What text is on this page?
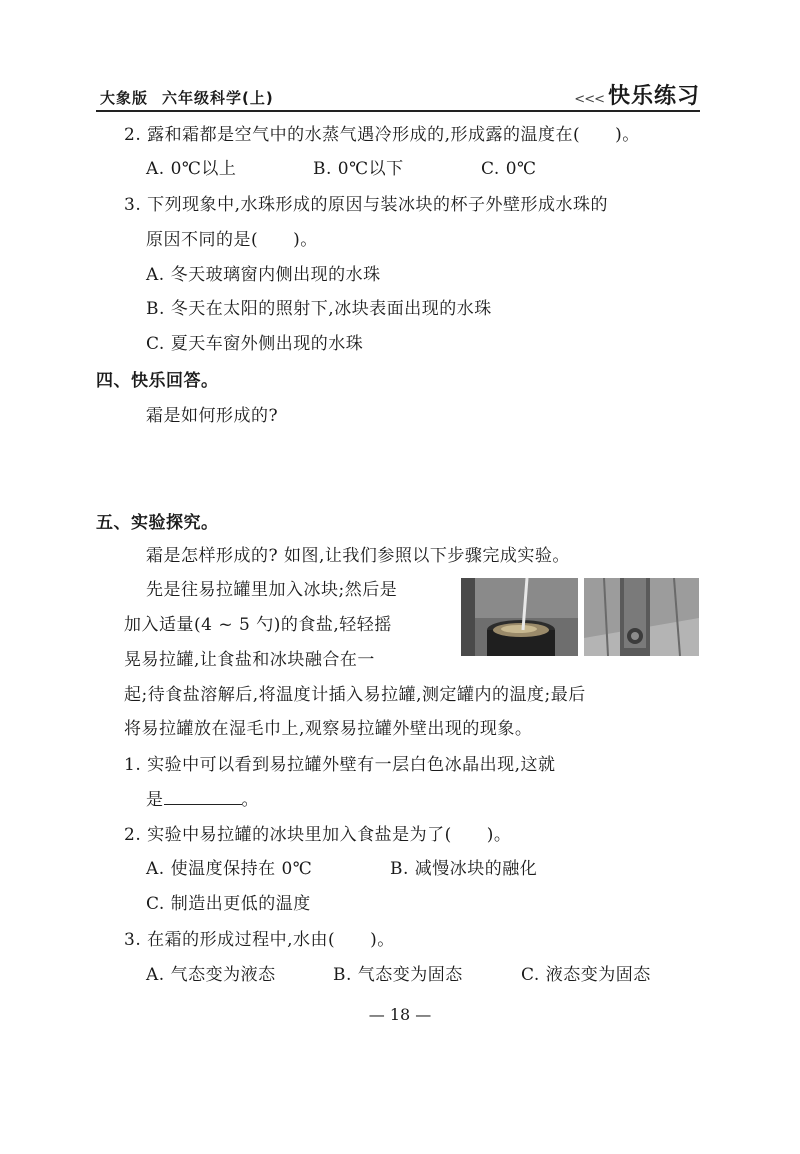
大象版 六年级科学(上)	<<< 快乐练习
2. 露和霜都是空气中的水蒸气遇冷形成的,形成露的温度在(　　)。
A. 0℃以上	B. 0℃以下	C. 0℃
3. 下列现象中,水珠形成的原因与装冰块的杯子外壁形成水珠的
原因不同的是(　　)。
A. 冬天玻璃窗内侧出现的水珠
B. 冬天在太阳的照射下,冰块表面出现的水珠
C. 夏天车窗外侧出现的水珠
四、快乐回答。
霜是如何形成的?
五、实验探究。
霜是怎样形成的? 如图,让我们参照以下步骤完成实验。
先是往易拉罐里加入冰块;然后是
加入适量(4 ~ 5 勺)的食盐,轻轻摇
晃易拉罐,让食盐和冰块融合在一
起;待食盐溶解后,将温度计插入易拉罐,测定罐内的温度;最后
将易拉罐放在湿毛巾上,观察易拉罐外壁出现的现象。
1. 实验中可以看到易拉罐外壁有一层白色冰晶出现,这就
是	。
2. 实验中易拉罐的冰块里加入食盐是为了(　　)。
A. 使温度保持在 0℃	B. 减慢冰块的融化
C. 制造出更低的温度
3. 在霜的形成过程中,水由(　　)。
A. 气态变为液态	B. 气态变为固态	C. 液态变为固态
— 18 —
